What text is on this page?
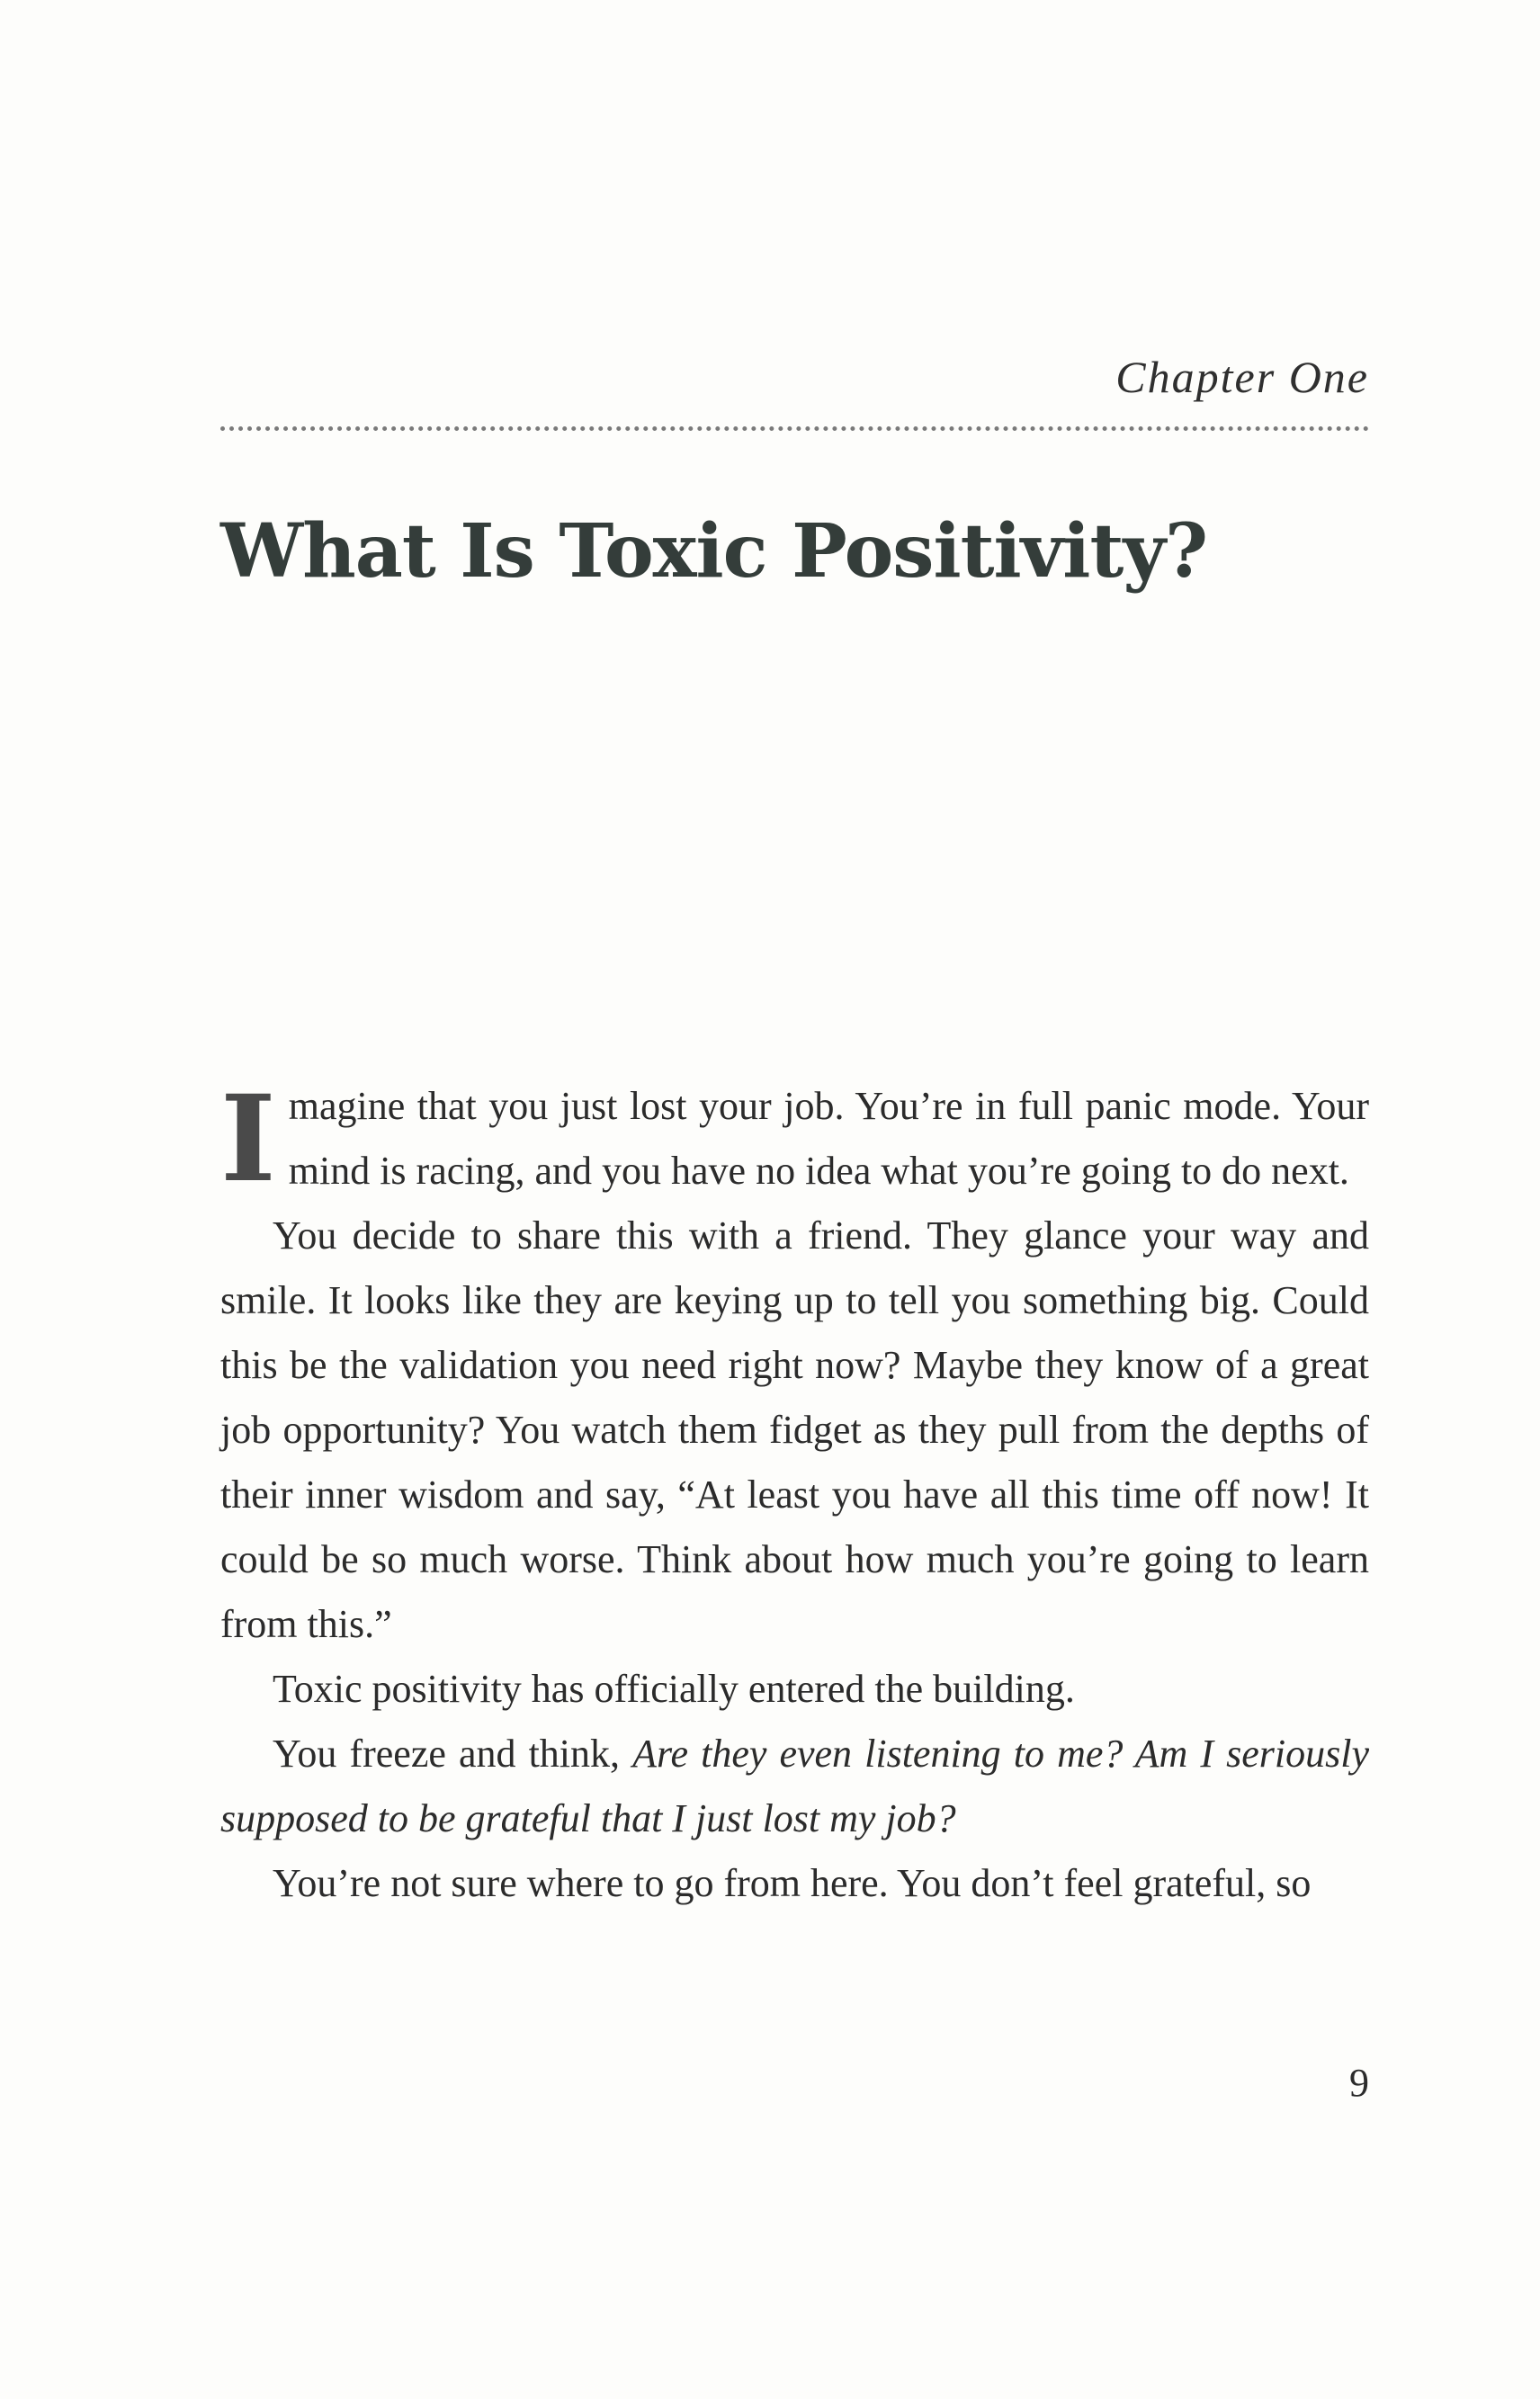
Chapter One
What Is Toxic Positivity?

Imagine that you just lost your job. You’re in full panic mode. Your mind is racing, and you have no idea what you’re going to do next.

You decide to share this with a friend. They glance your way and smile. It looks like they are keying up to tell you something big. Could this be the validation you need right now? Maybe they know of a great job opportunity? You watch them fidget as they pull from the depths of their inner wisdom and say, “At least you have all this time off now! It could be so much worse. Think about how much you’re going to learn from this.”

Toxic positivity has officially entered the building.

You freeze and think, Are they even listening to me? Am I seriously supposed to be grateful that I just lost my job?

You’re not sure where to go from here. You don’t feel grateful, so

9
